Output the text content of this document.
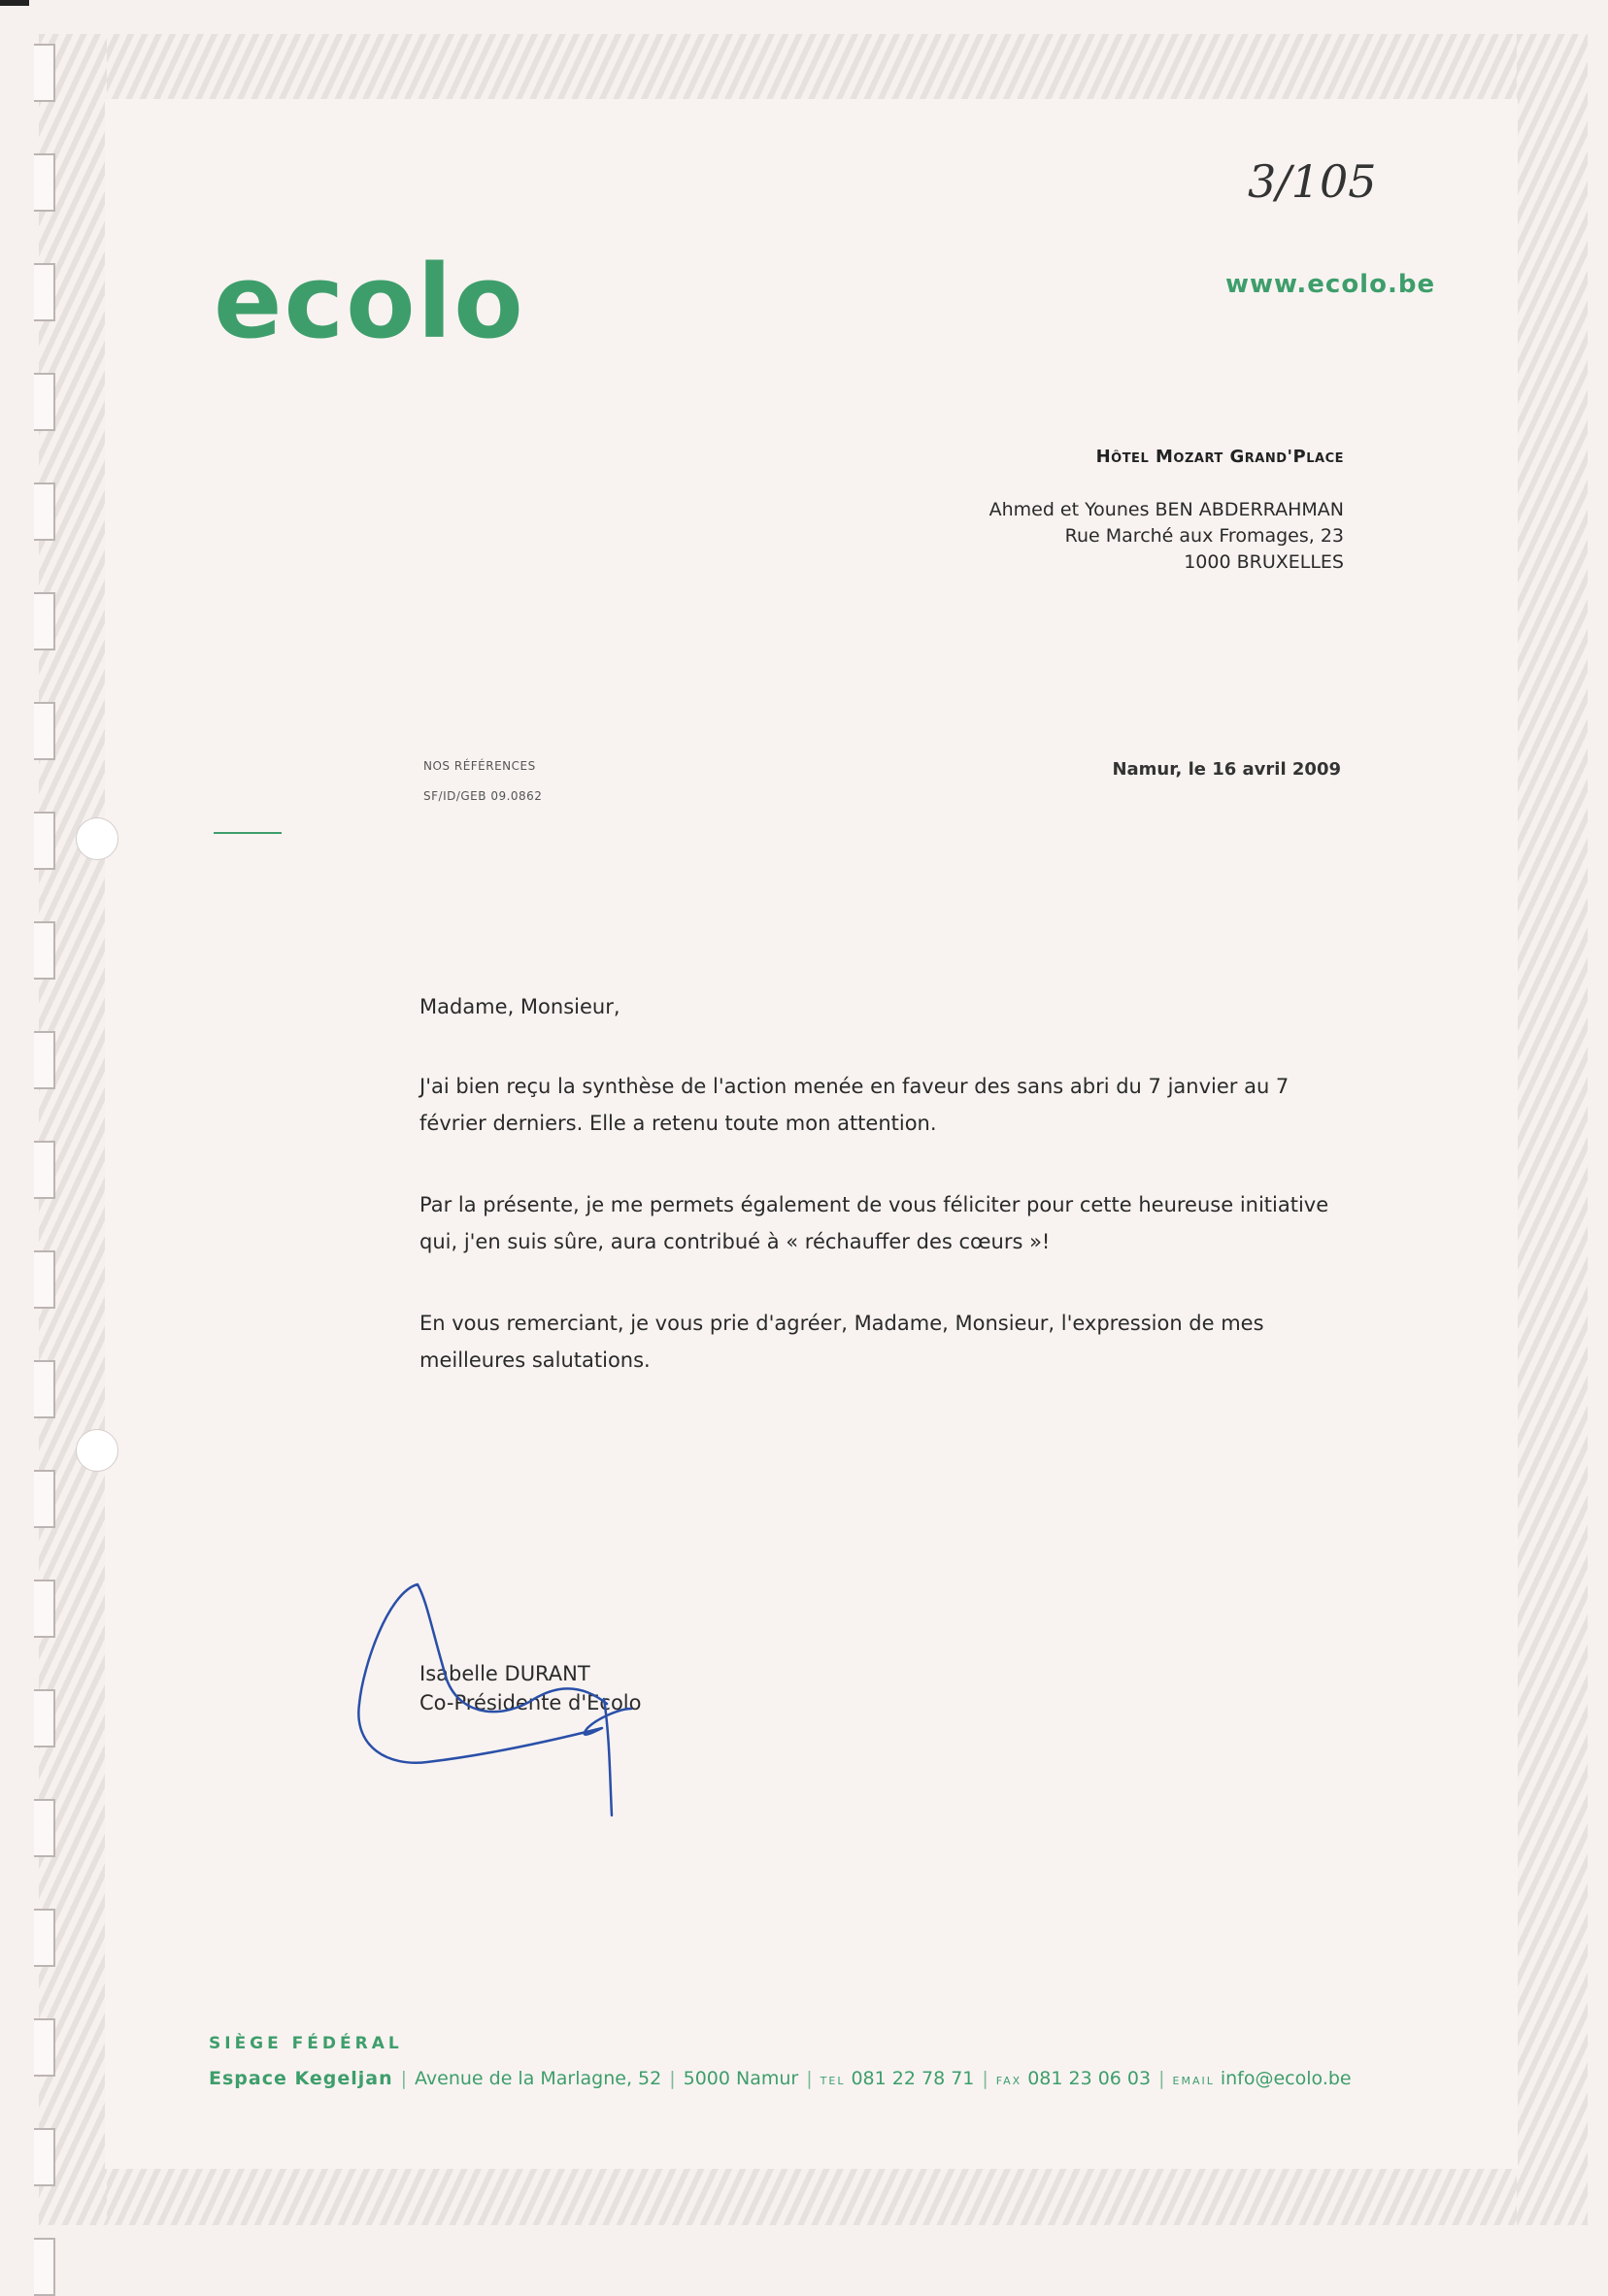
3/105
ecolo	www.ecolo.be
Hôtel Mozart Grand'Place
Ahmed et Younes BEN ABDERRAHMAN
Rue Marché aux Fromages, 23
1000 BRUXELLES
NOS RÉFÉRENCES
SF/ID/GEB 09.0862
Namur, le 16 avril 2009
Madame, Monsieur,
J'ai bien reçu la synthèse de l'action menée en faveur des sans abri du 7 janvier au 7 février derniers. Elle a retenu toute mon attention.
Par la présente, je me permets également de vous féliciter pour cette heureuse initiative qui, j'en suis sûre, aura contribué à « réchauffer des cœurs »!
En vous remerciant, je vous prie d'agréer, Madame, Monsieur, l'expression de mes meilleures salutations.
Isabelle DURANT
Co-Présidente d'Ecolo
SIÈGE FÉDÉRAL
Espace Kegeljan | Avenue de la Marlagne, 52 | 5000 Namur | TEL 081 22 78 71 | FAX 081 23 06 03 | EMAIL info@ecolo.be
